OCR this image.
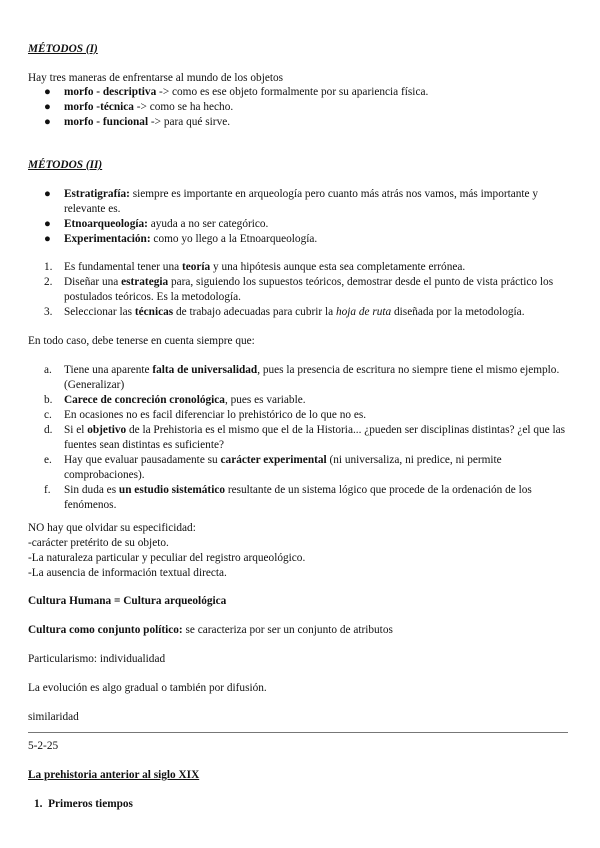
MÉTODOS (I)
Hay tres maneras de enfrentarse al mundo de los objetos
● morfo - descriptiva -> como es ese objeto formalmente por su apariencia física.
● morfo -técnica -> como se ha hecho.
● morfo - funcional -> para qué sirve.
MÉTODOS (II)
● Estratigrafía: siempre es importante en arqueología pero cuanto más atrás nos vamos, más importante y relevante es.
● Etnoarqueología: ayuda a no ser categórico.
● Experimentación: como yo llego a la Etnoarqueología.
1. Es fundamental tener una teoría y una hipótesis aunque esta sea completamente errónea.
2. Diseñar una estrategia para, siguiendo los supuestos teóricos, demostrar desde el punto de vista práctico los postulados teóricos. Es la metodología.
3. Seleccionar las técnicas de trabajo adecuadas para cubrir la hoja de ruta diseñada por la metodología.
En todo caso, debe tenerse en cuenta siempre que:
a. Tiene una aparente falta de universalidad, pues la presencia de escritura no siempre tiene el mismo ejemplo. (Generalizar)
b. Carece de concreción cronológica, pues es variable.
c. En ocasiones no es facil diferenciar lo prehistórico de lo que no es.
d. Si el objetivo de la Prehistoria es el mismo que el de la Historia... ¿pueden ser disciplinas distintas? ¿el que las fuentes sean distintas es suficiente?
e. Hay que evaluar pausadamente su carácter experimental (ni universaliza, ni predice, ni permite comprobaciones).
f. Sin duda es un estudio sistemático resultante de un sistema lógico que procede de la ordenación de los fenómenos.
NO hay que olvidar su especificidad:
-carácter pretérito de su objeto.
-La naturaleza particular y peculiar del registro arqueológico.
-La ausencia de información textual directa.
Cultura Humana = Cultura arqueológica
Cultura como conjunto político: se caracteriza por ser un conjunto de atributos
Particularismo: individualidad
La evolución es algo gradual o también por difusión.
similaridad
5-2-25
La prehistoria anterior al siglo XIX
1. Primeros tiempos
